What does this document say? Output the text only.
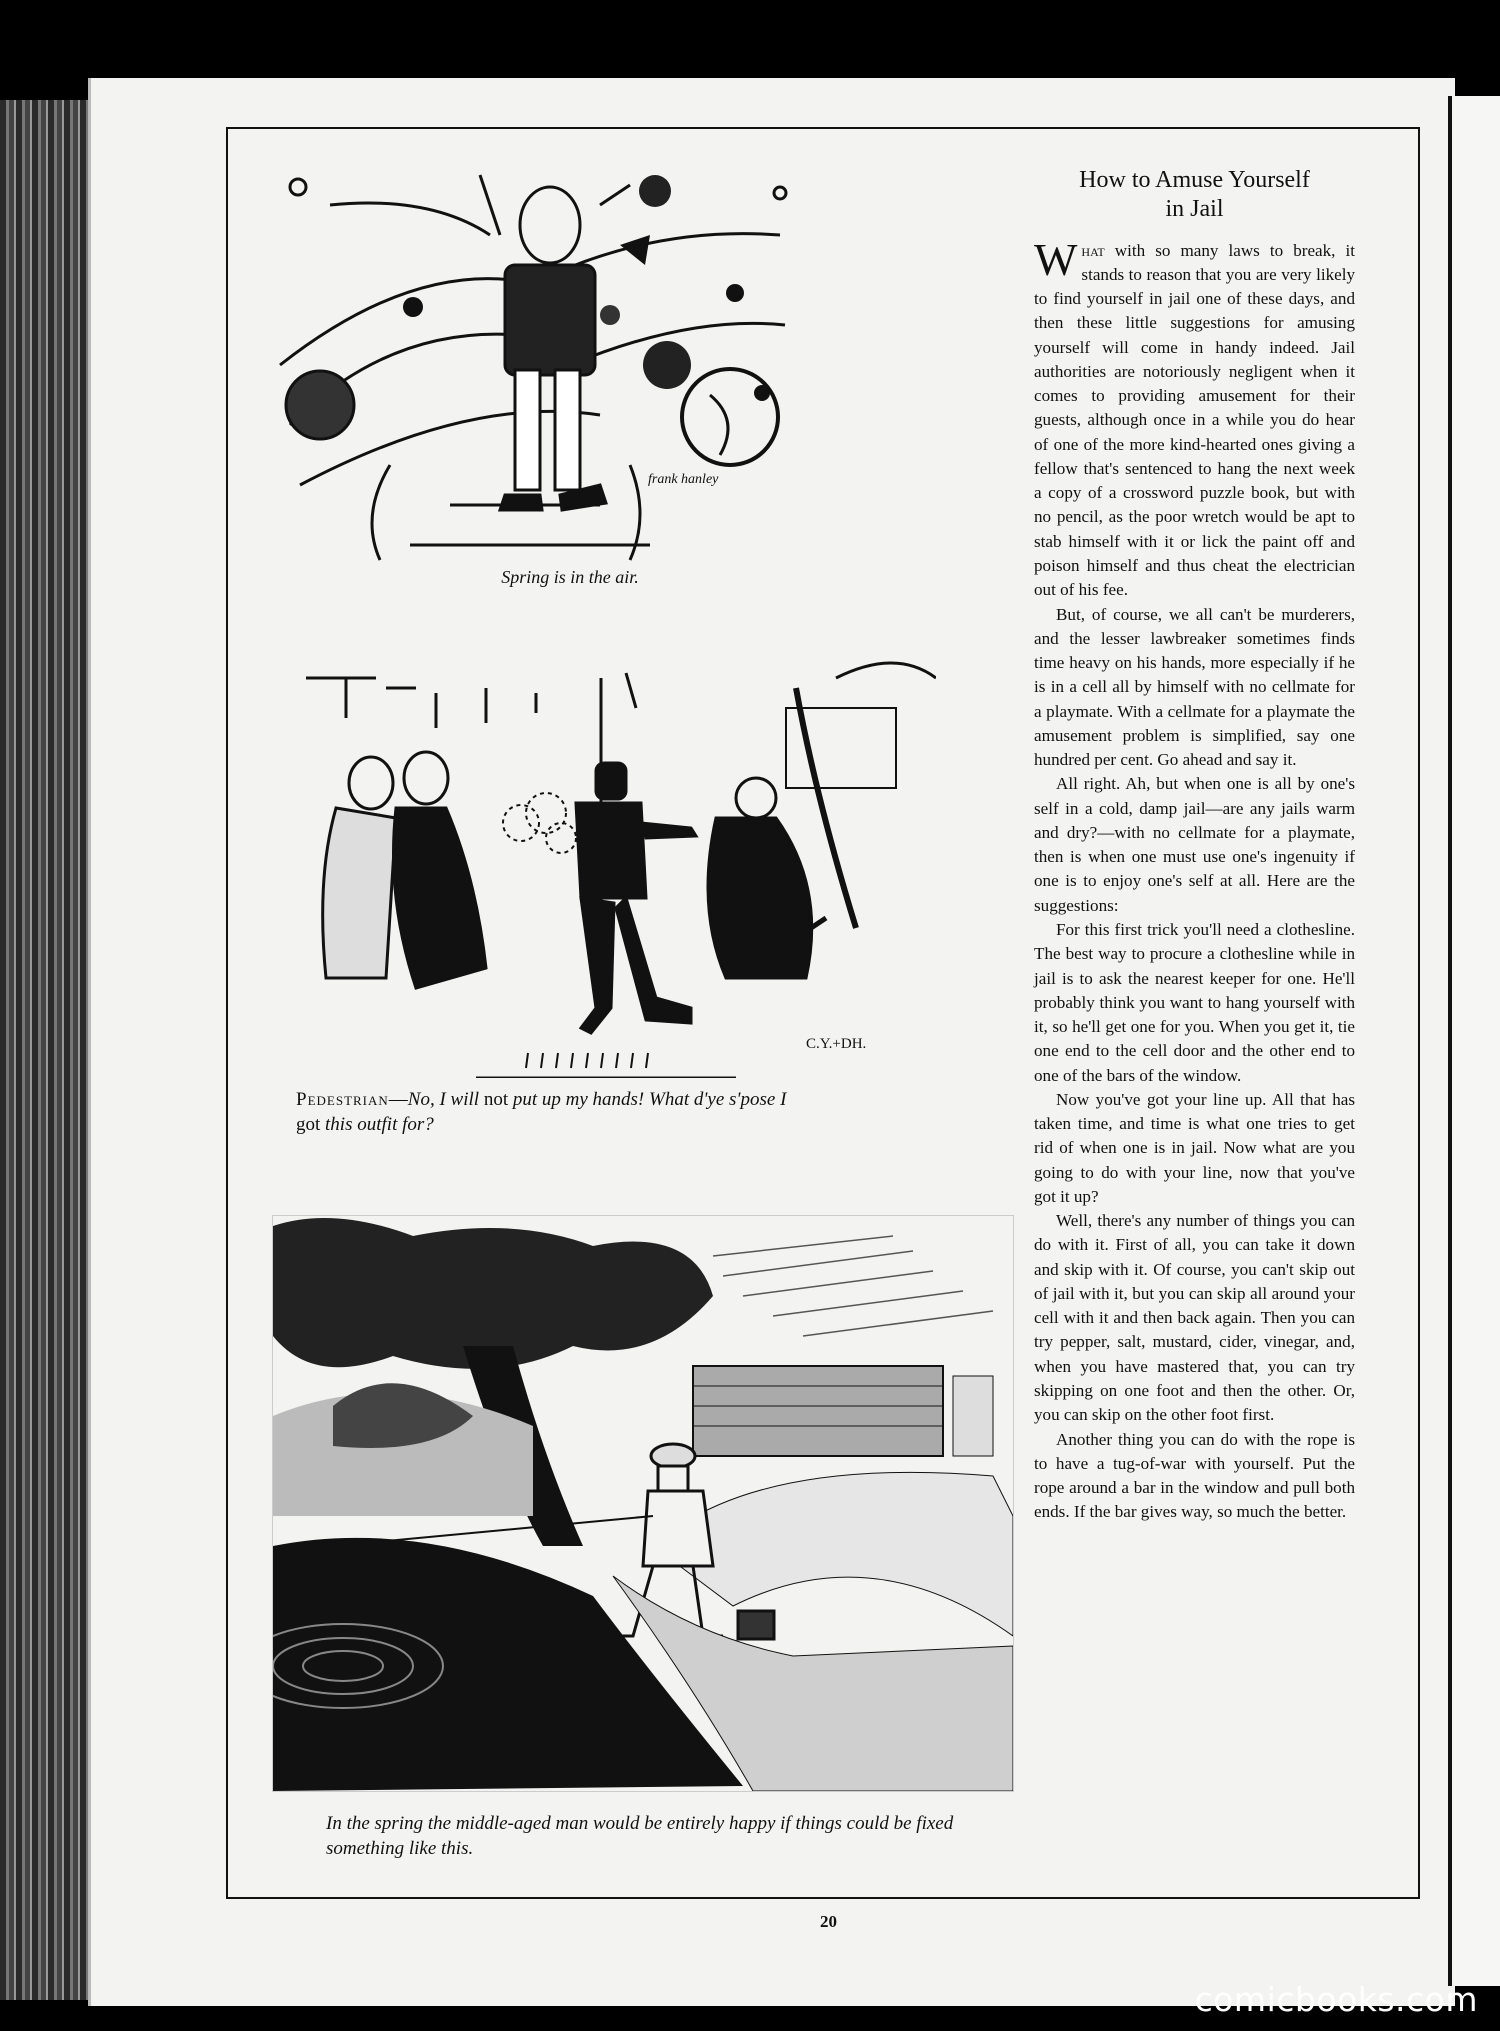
frank hanley
Spring is in the air.
C.Y.+DH.
Pedestrian—No, I will not put up my hands! What d'ye s'pose I
got this outfit for?
In the spring the middle-aged man would be entirely happy if things could be fixed something like this.
How to Amuse Yourself
in Jail

What with so many laws to break, it stands to reason that you are very likely to find yourself in jail one of these days, and then these little suggestions for amusing yourself will come in handy indeed. Jail authorities are notoriously negligent when it comes to providing amusement for their guests, although once in a while you do hear of one of the more kind-hearted ones giving a fellow that's sentenced to hang the next week a copy of a crossword puzzle book, but with no pencil, as the poor wretch would be apt to stab himself with it or lick the paint off and poison himself and thus cheat the electrician out of his fee.

But, of course, we all can't be murderers, and the lesser lawbreaker sometimes finds time heavy on his hands, more especially if he is in a cell all by himself with no cellmate for a playmate. With a cellmate for a playmate the amusement problem is simplified, say one hundred per cent. Go ahead and say it.

All right. Ah, but when one is all by one's self in a cold, damp jail—are any jails warm and dry?—with no cellmate for a playmate, then is when one must use one's ingenuity if one is to enjoy one's self at all. Here are the suggestions:

For this first trick you'll need a clothesline. The best way to procure a clothesline while in jail is to ask the nearest keeper for one. He'll probably think you want to hang yourself with it, so he'll get one for you. When you get it, tie one end to the cell door and the other end to one of the bars of the window.

Now you've got your line up. All that has taken time, and time is what one tries to get rid of when one is in jail. Now what are you going to do with your line, now that you've got it up?

Well, there's any number of things you can do with it. First of all, you can take it down and skip with it. Of course, you can't skip out of jail with it, but you can skip all around your cell with it and then back again. Then you can try pepper, salt, mustard, cider, vinegar, and, when you have mastered that, you can try skipping on one foot and then the other. Or, you can skip on the other foot first.

Another thing you can do with the rope is to have a tug-of-war with yourself. Put the rope around a bar in the window and pull both ends. If the bar gives way, so much the better.

20
comicbooks.com
